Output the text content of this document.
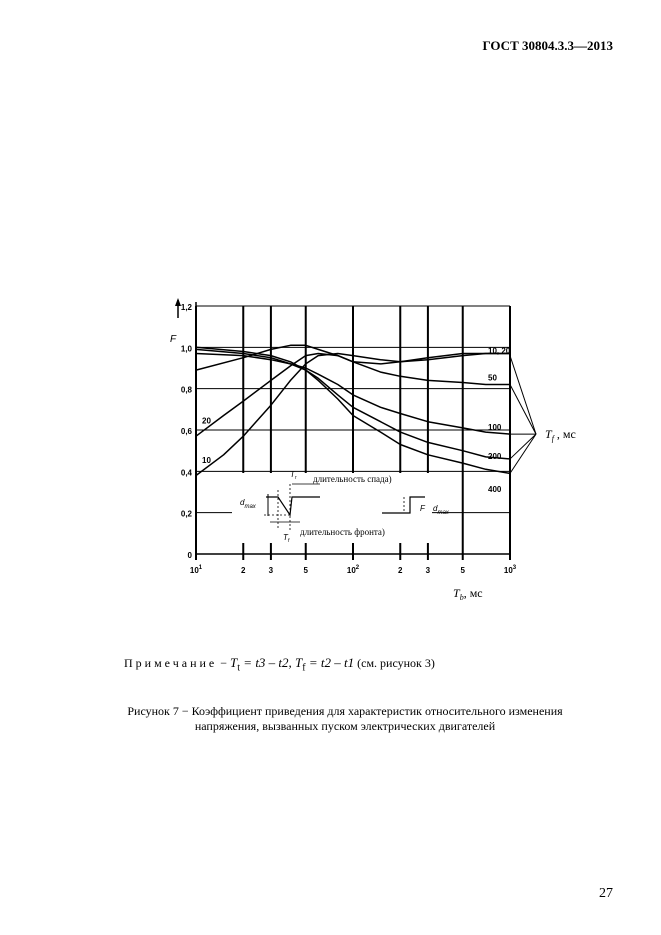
ГОСТ 30804.3.3—2013
F
0
0,2
0,4
0,6
0,8
1,0
1,2
$10^1$	2	3	5	$10^2$	2	3	5	$10^3$
$T_b$, мс
10, 20
50
100
200
400
20
10
$T_f$ , мс
длительность спада)
длительность фронта)
$T_r$
$T_f$
$d_{max}$	F $d_{max}$
Примечание − $T_t = t3 - t2$, $T_f = t2 - t1$ (см. рисунок 3)
Рисунок 7 − Коэффициент приведения для характеристик относительного изменения
напряжения, вызванных пуском электрических двигателей
27
